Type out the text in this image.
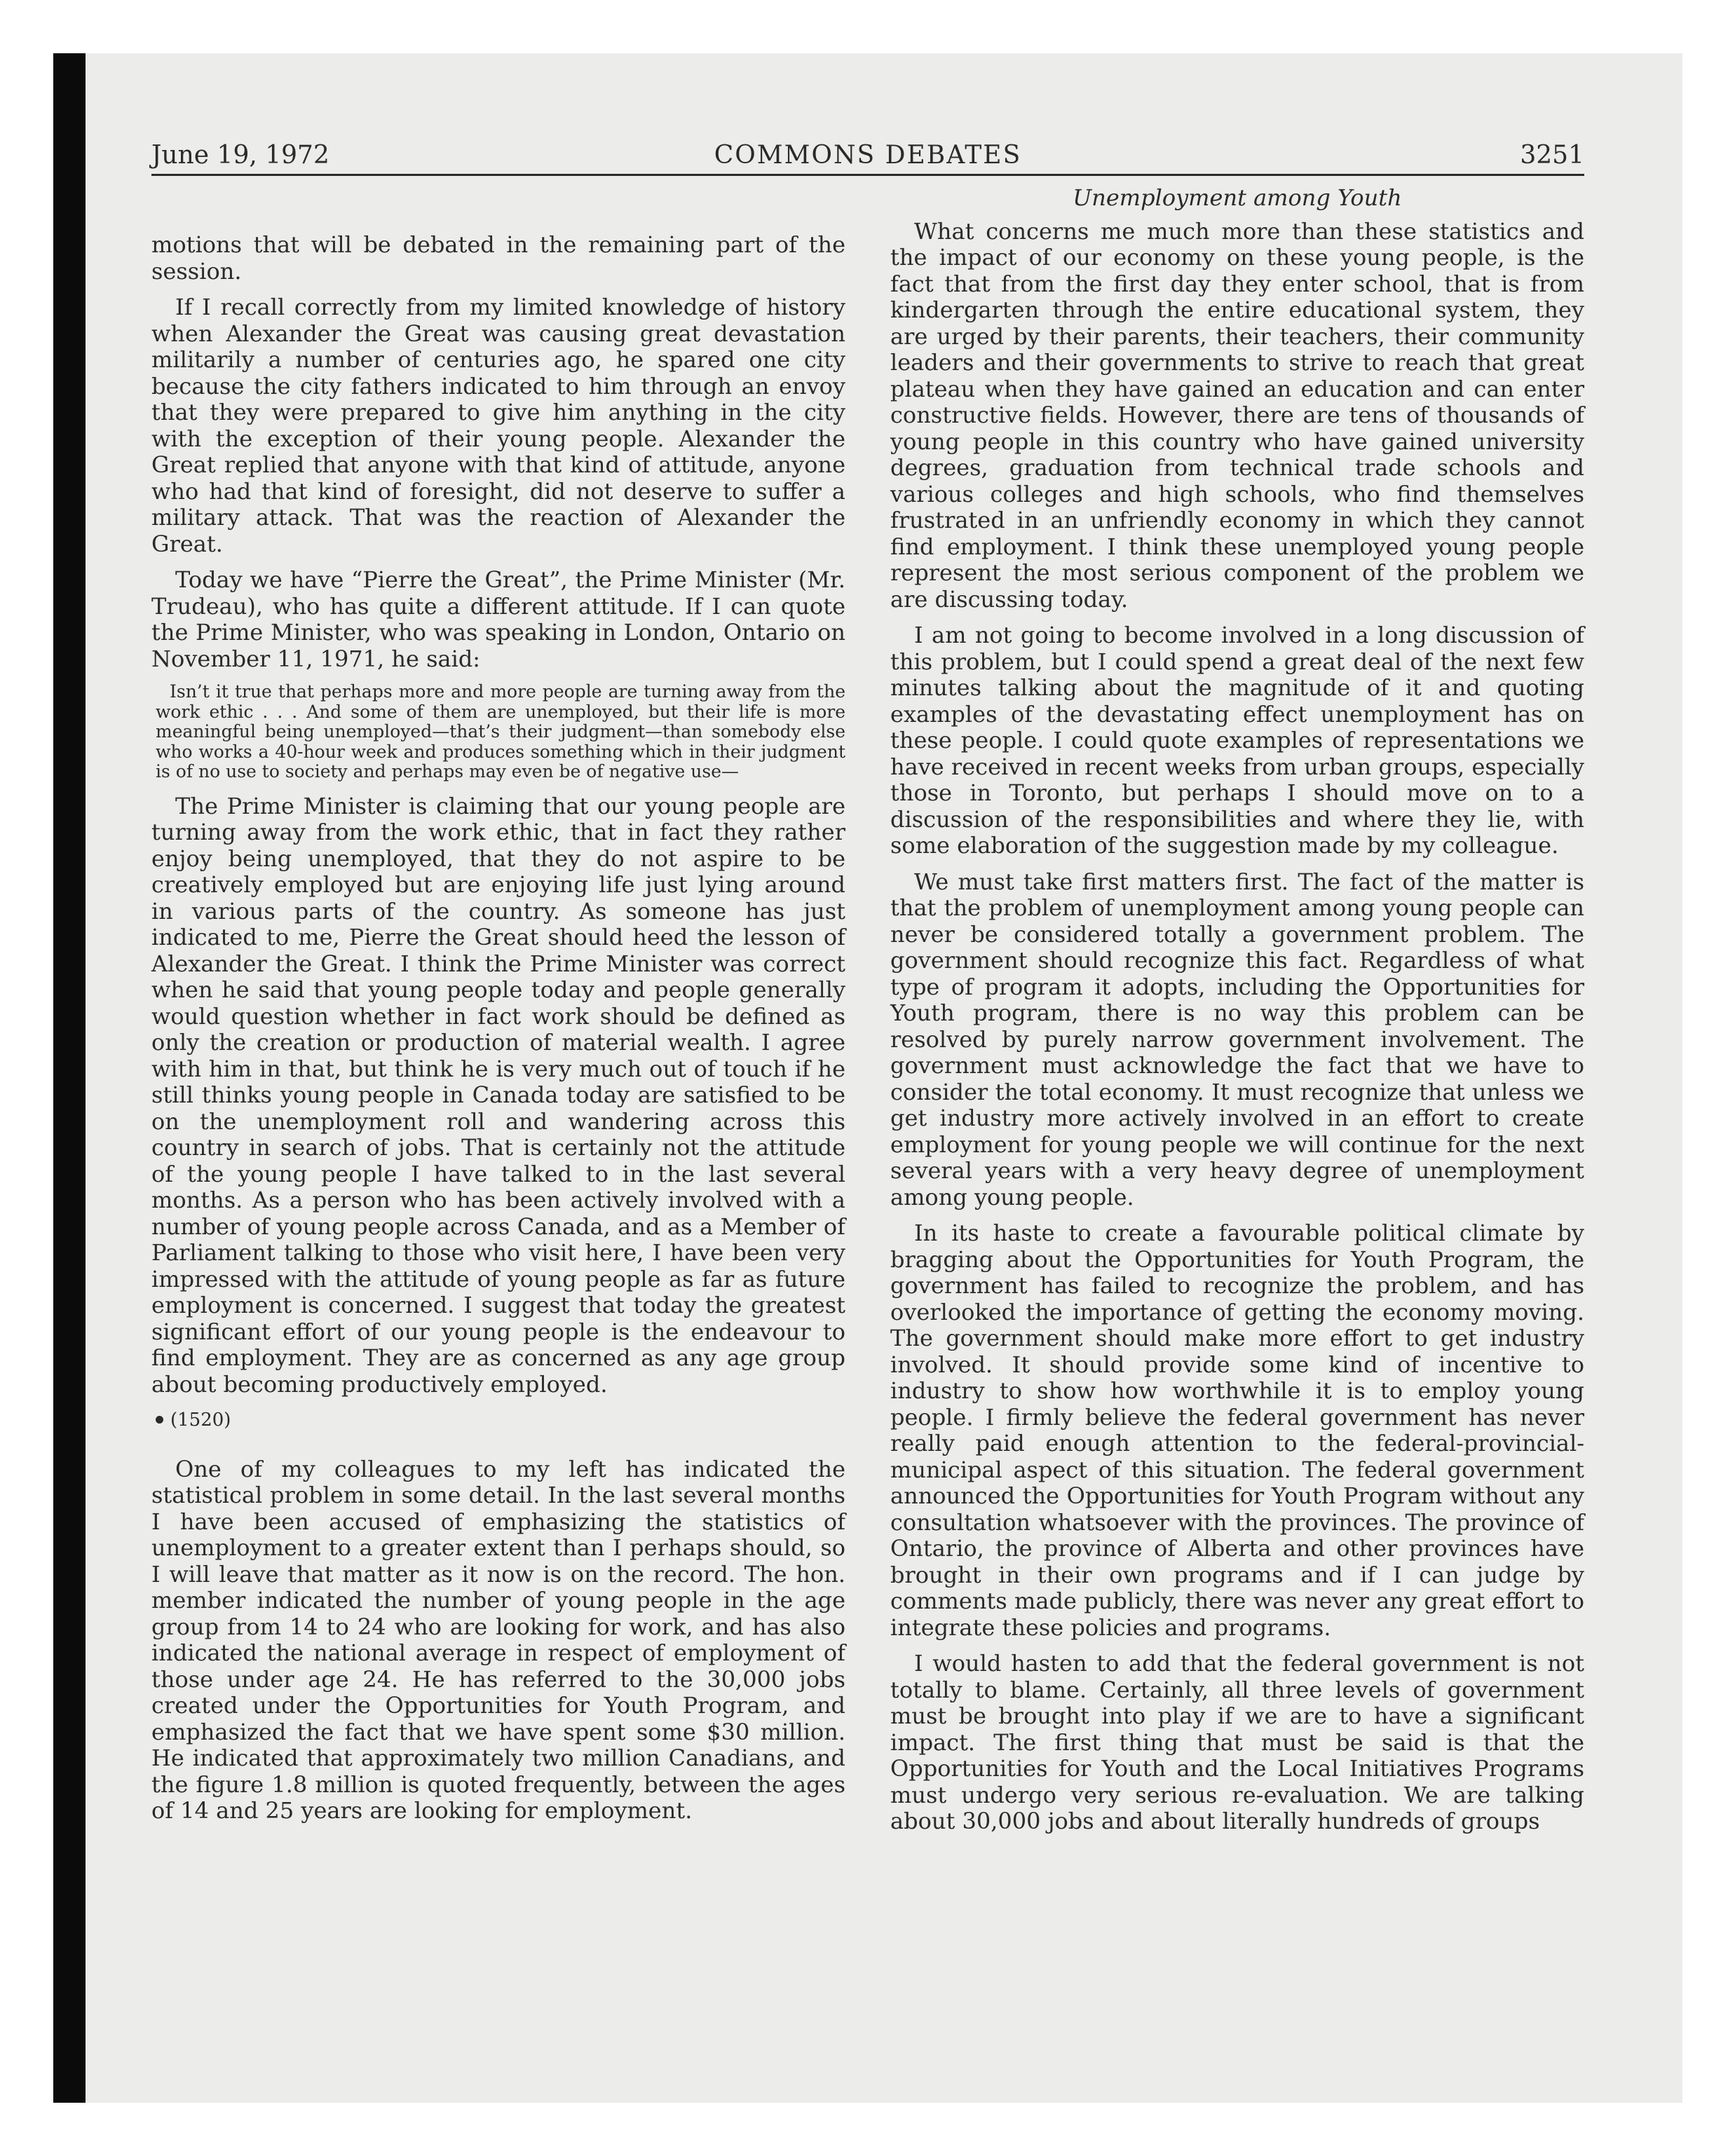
June 19, 1972	COMMONS DEBATES	3251

motions that will be debated in the remaining part of the session.

If I recall correctly from my limited knowledge of history when Alexander the Great was causing great devastation militarily a number of centuries ago, he spared one city because the city fathers indicated to him through an envoy that they were prepared to give him anything in the city with the exception of their young people. Alexander the Great replied that anyone with that kind of attitude, anyone who had that kind of foresight, did not deserve to suffer a military attack. That was the reaction of Alexander the Great.

Today we have “Pierre the Great”, the Prime Minister (Mr. Trudeau), who has quite a different attitude. If I can quote the Prime Minister, who was speaking in London, Ontario on November 11, 1971, he said:

Isn’t it true that perhaps more and more people are turning away from the work ethic . . . And some of them are unemployed, but their life is more meaningful being unemployed—that’s their judgment—than somebody else who works a 40-hour week and produces something which in their judgment is of no use to society and perhaps may even be of negative use—

The Prime Minister is claiming that our young people are turning away from the work ethic, that in fact they rather enjoy being unemployed, that they do not aspire to be creatively employed but are enjoying life just lying around in various parts of the country. As someone has just indicated to me, Pierre the Great should heed the lesson of Alexander the Great. I think the Prime Minister was correct when he said that young people today and people generally would question whether in fact work should be defined as only the creation or production of material wealth. I agree with him in that, but think he is very much out of touch if he still thinks young people in Canada today are satisfied to be on the unemployment roll and wandering across this country in search of jobs. That is certainly not the attitude of the young people I have talked to in the last several months. As a person who has been actively involved with a number of young people across Canada, and as a Member of Parliament talking to those who visit here, I have been very impressed with the attitude of young people as far as future employment is concerned. I suggest that today the greatest significant effort of our young people is the endeavour to find employment. They are as concerned as any age group about becoming productively employed.

(1520)

One of my colleagues to my left has indicated the statistical problem in some detail. In the last several months I have been accused of emphasizing the statistics of unemployment to a greater extent than I perhaps should, so I will leave that matter as it now is on the record. The hon. member indicated the number of young people in the age group from 14 to 24 who are looking for work, and has also indicated the national average in respect of employment of those under age 24. He has referred to the 30,000 jobs created under the Opportunities for Youth Program, and emphasized the fact that we have spent some $30 million. He indicated that approximately two million Canadians, and the figure 1.8 million is quoted frequently, between the ages of 14 and 25 years are looking for employment.

Unemployment among Youth

What concerns me much more than these statistics and the impact of our economy on these young people, is the fact that from the first day they enter school, that is from kindergarten through the entire educational system, they are urged by their parents, their teachers, their community leaders and their governments to strive to reach that great plateau when they have gained an education and can enter constructive fields. However, there are tens of thousands of young people in this country who have gained university degrees, graduation from technical trade schools and various colleges and high schools, who find themselves frustrated in an unfriendly economy in which they cannot find employment. I think these unemployed young people represent the most serious component of the problem we are discussing today.

I am not going to become involved in a long discussion of this problem, but I could spend a great deal of the next few minutes talking about the magnitude of it and quoting examples of the devastating effect unemployment has on these people. I could quote examples of representations we have received in recent weeks from urban groups, especially those in Toronto, but perhaps I should move on to a discussion of the responsibilities and where they lie, with some elaboration of the suggestion made by my colleague.

We must take first matters first. The fact of the matter is that the problem of unemployment among young people can never be considered totally a government problem. The government should recognize this fact. Regardless of what type of program it adopts, including the Opportunities for Youth program, there is no way this problem can be resolved by purely narrow government involvement. The government must acknowledge the fact that we have to consider the total economy. It must recognize that unless we get industry more actively involved in an effort to create employment for young people we will continue for the next several years with a very heavy degree of unemployment among young people.

In its haste to create a favourable political climate by bragging about the Opportunities for Youth Program, the government has failed to recognize the problem, and has overlooked the importance of getting the economy moving. The government should make more effort to get industry involved. It should provide some kind of incentive to industry to show how worthwhile it is to employ young people. I firmly believe the federal government has never really paid enough attention to the federal-provincial-municipal aspect of this situation. The federal government announced the Opportunities for Youth Program without any consultation whatsoever with the provinces. The province of Ontario, the province of Alberta and other provinces have brought in their own programs and if I can judge by comments made publicly, there was never any great effort to integrate these policies and programs.

I would hasten to add that the federal government is not totally to blame. Certainly, all three levels of government must be brought into play if we are to have a significant impact. The first thing that must be said is that the Opportunities for Youth and the Local Initiatives Programs must undergo very serious re-evaluation. We are talking about 30,000 jobs and about literally hundreds of groups
